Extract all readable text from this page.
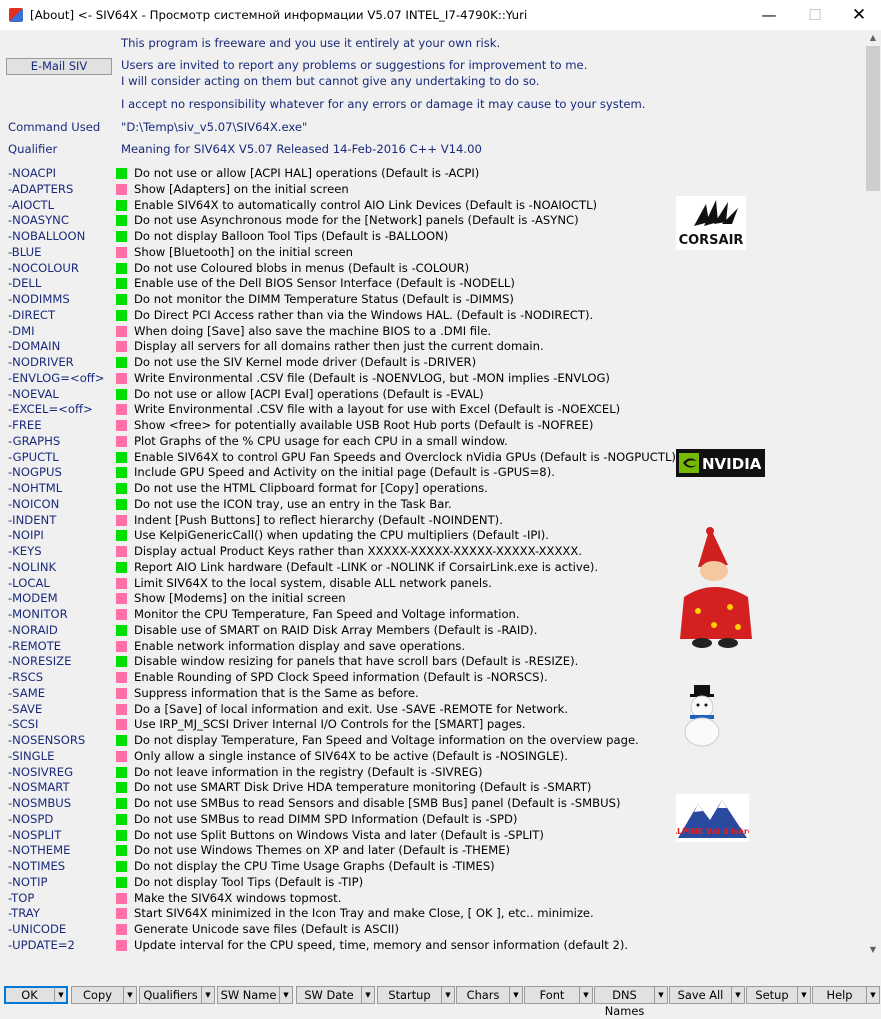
[About] <- SIV64X - Просмотр системной информации V5.07 INTEL_I7-4790K::Yuri	—	☐	✕
This program is freeware and you use it entirely at your own risk.
E-Mail SIV	Users are invited to report any problems or suggestions for improvement to me.
I will consider acting on them but cannot give any undertaking to do so.
I accept no responsibility whatever for any errors or damage it may cause to your system.
Command Used "D:\Temp\siv_v5.07\SIV64X.exe"
Qualifier	Meaning for SIV64X V5.07 Released 14-Feb-2016 C++ V14.00
-NOACPI	Do not use or allow [ACPI HAL] operations (Default is -ACPI)
-ADAPTERS	Show [Adapters] on the initial screen
-AIOCTL	Enable SIV64X to automatically control AIO Link Devices (Default is -NOAIOCTL)
-NOASYNC	Do not use Asynchronous mode for the [Network] panels (Default is -ASYNC)
-NOBALLOON	Do not display Balloon Tool Tips (Default is -BALLOON)
-BLUE	Show [Bluetooth] on the initial screen
-NOCOLOUR	Do not use Coloured blobs in menus (Default is -COLOUR)
-DELL	Enable use of the Dell BIOS Sensor Interface (Default is -NODELL)
-NODIMMS	Do not monitor the DIMM Temperature Status (Default is -DIMMS)
-DIRECT	Do Direct PCI Access rather than via the Windows HAL. (Default is -NODIRECT).
-DMI	When doing [Save] also save the machine BIOS to a .DMI file.
-DOMAIN	Display all servers for all domains rather then just the current domain.
-NODRIVER	Do not use the SIV Kernel mode driver (Default is -DRIVER)
-ENVLOG=<off>	Write Environmental .CSV file (Default is -NOENVLOG, but -MON implies -ENVLOG)
-NOEVAL	Do not use or allow [ACPI Eval] operations (Default is -EVAL)
-EXCEL=<off>	Write Environmental .CSV file with a layout for use with Excel (Default is -NOEXCEL)
-FREE	Show <free> for potentially available USB Root Hub ports (Default is -NOFREE)
-GRAPHS	Plot Graphs of the % CPU usage for each CPU in a small window.
-GPUCTL	Enable SIV64X to control GPU Fan Speeds and Overclock nVidia GPUs (Default is -NOGPUCTL)
-NOGPUS	Include GPU Speed and Activity on the initial page (Default is -GPUS=8).
-NOHTML	Do not use the HTML Clipboard format for [Copy] operations.
-NOICON	Do not use the ICON tray, use an entry in the Task Bar.
-INDENT	Indent [Push Buttons] to reflect hierarchy (Default -NOINDENT).
-NOIPI	Use KeIpiGenericCall() when updating the CPU multipliers (Default -IPI).
-KEYS	Display actual Product Keys rather than XXXXX-XXXXX-XXXXX-XXXXX-XXXXX.
-NOLINK	Report AIO Link hardware (Default -LINK or -NOLINK if CorsairLink.exe is active).
-LOCAL	Limit SIV64X to the local system, disable ALL network panels.
-MODEM	Show [Modems] on the initial screen
-MONITOR	Monitor the CPU Temperature, Fan Speed and Voltage information.
-NORAID	Disable use of SMART on RAID Disk Array Members (Default is -RAID).
-REMOTE	Enable network information display and save operations.
-NORESIZE	Disable window resizing for panels that have scroll bars (Default is -RESIZE).
-RSCS	Enable Rounding of SPD Clock Speed information (Default is -NORSCS).
-SAME	Suppress information that is the Same as before.
-SAVE	Do a [Save] of local information and exit. Use -SAVE -REMOTE for Network.
-SCSI	Use IRP_MJ_SCSI Driver Internal I/O Controls for the [SMART] pages.
-NOSENSORS	Do not display Temperature, Fan Speed and Voltage information on the overview page.
-SINGLE	Only allow a single instance of SIV64X to be active (Default is -NOSINGLE).
-NOSIVREG	Do not leave information in the registry (Default is -SIVREG)
-NOSMART	Do not use SMART Disk Drive HDA temperature monitoring (Default is -SMART)
-NOSMBUS	Do not use SMBus to read Sensors and disable [SMB Bus] panel (Default is -SMBUS)
-NOSPD	Do not use SMBus to read DIMM SPD Information (Default is -SPD)
-NOSPLIT	Do not use Split Buttons on Windows Vista and later (Default is -SPLIT)
-NOTHEME	Do not use Windows Themes on XP and later (Default is -THEME)
-NOTIMES	Do not display the CPU Time Usage Graphs (Default is -TIMES)
-NOTIP	Do not display Tool Tips (Default is -TIP)
-TOP	Make the SIV64X windows topmost.
-TRAY	Start SIV64X minimized in the Icon Tray and make Close, [ OK ], etc.. minimize.
-UNICODE	Generate Unicode save files (Default is ASCII)
-UPDATE=2	Update interval for the CPU speed, time, memory and sensor information (default 2).
CORSAIR
NVIDIA
LPINE Val d'Isèr
▲
▼
OK	▼	Copy	▼ Qualifiers	▼ SW Name ▼	SW Date	▼	Startup	▼	Chars	▼	Font	▼	DNS Names
▼	Save All	▼	Setup	▼	Help	▼
